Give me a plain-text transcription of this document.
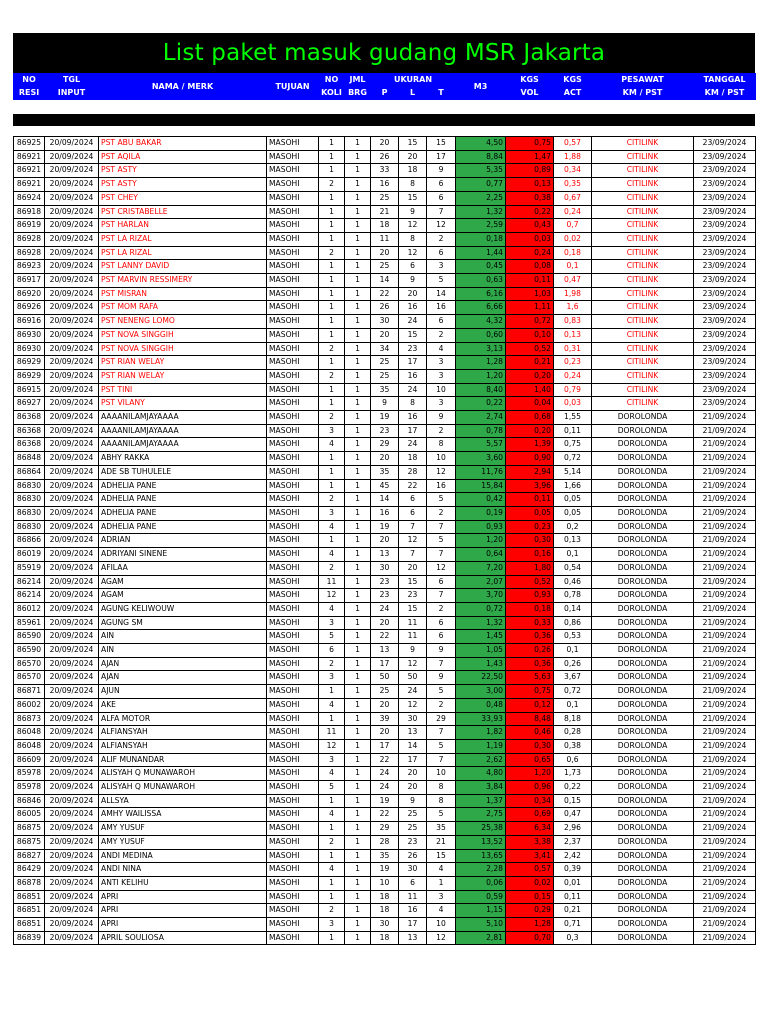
List paket masuk gudang MSR Jakarta
NO	TGL	NAMA / MERK	TUJUAN	NO	JML	UKURAN			M3	KGS	KGS	PESAWAT	TANGGAL
RESI	INPUT			KOLI	BRG	P	L	T		VOL	ACT	KM / PST	KM / PST
86925	20/09/2024	PST ABU BAKAR	MASOHI	1	1	20	15	15	4,50	0,75	0,57	CITILINK	23/09/2024
86921	20/09/2024	PST AQILA	MASOHI	1	1	26	20	17	8,84	1,47	1,88	CITILINK	23/09/2024
86921	20/09/2024	PST ASTY	MASOHI	1	1	33	18	9	5,35	0,89	0,34	CITILINK	23/09/2024
86921	20/09/2024	PST ASTY	MASOHI	2	1	16	8	6	0,77	0,13	0,35	CITILINK	23/09/2024
86924	20/09/2024	PST CHEY	MASOHI	1	1	25	15	6	2,25	0,38	0,67	CITILINK	23/09/2024
86918	20/09/2024	PST CRISTABELLE	MASOHI	1	1	21	9	7	1,32	0,22	0,24	CITILINK	23/09/2024
86919	20/09/2024	PST HARLAN	MASOHI	1	1	18	12	12	2,59	0,43	0,7	CITILINK	23/09/2024
86928	20/09/2024	PST LA RIZAL	MASOHI	1	1	11	8	2	0,18	0,03	0,02	CITILINK	23/09/2024
86928	20/09/2024	PST LA RIZAL	MASOHI	2	1	20	12	6	1,44	0,24	0,18	CITILINK	23/09/2024
86923	20/09/2024	PST LANNY DAVID	MASOHI	1	1	25	6	3	0,45	0,08	0,1	CITILINK	23/09/2024
86917	20/09/2024	PST MARVIN RESSIMERY	MASOHI	1	1	14	9	5	0,63	0,11	0,47	CITILINK	23/09/2024
86920	20/09/2024	PST MISRAN	MASOHI	1	1	22	20	14	6,16	1,03	1,98	CITILINK	23/09/2024
86926	20/09/2024	PST MOM RAFA	MASOHI	1	1	26	16	16	6,66	1,11	1,6	CITILINK	23/09/2024
86916	20/09/2024	PST NENENG LOMO	MASOHI	1	1	30	24	6	4,32	0,72	0,83	CITILINK	23/09/2024
86930	20/09/2024	PST NOVA SINGGIH	MASOHI	1	1	20	15	2	0,60	0,10	0,13	CITILINK	23/09/2024
86930	20/09/2024	PST NOVA SINGGIH	MASOHI	2	1	34	23	4	3,13	0,52	0,31	CITILINK	23/09/2024
86929	20/09/2024	PST RIAN WELAY	MASOHI	1	1	25	17	3	1,28	0,21	0,23	CITILINK	23/09/2024
86929	20/09/2024	PST RIAN WELAY	MASOHI	2	1	25	16	3	1,20	0,20	0,24	CITILINK	23/09/2024
86915	20/09/2024	PST TINI	MASOHI	1	1	35	24	10	8,40	1,40	0,79	CITILINK	23/09/2024
86927	20/09/2024	PST VILANY	MASOHI	1	1	9	8	3	0,22	0,04	0,03	CITILINK	23/09/2024
86368	20/09/2024	AAAANILAMJAYAAAA	MASOHI	2	1	19	16	9	2,74	0,68	1,55	DOROLONDA	21/09/2024
86368	20/09/2024	AAAANILAMJAYAAAA	MASOHI	3	1	23	17	2	0,78	0,20	0,11	DOROLONDA	21/09/2024
86368	20/09/2024	AAAANILAMJAYAAAA	MASOHI	4	1	29	24	8	5,57	1,39	0,75	DOROLONDA	21/09/2024
86848	20/09/2024	ABHY RAKKA	MASOHI	1	1	20	18	10	3,60	0,90	0,72	DOROLONDA	21/09/2024
86864	20/09/2024	ADE SB TUHULELE	MASOHI	1	1	35	28	12	11,76	2,94	5,14	DOROLONDA	21/09/2024
86830	20/09/2024	ADHELIA PANE	MASOHI	1	1	45	22	16	15,84	3,96	1,66	DOROLONDA	21/09/2024
86830	20/09/2024	ADHELIA PANE	MASOHI	2	1	14	6	5	0,42	0,11	0,05	DOROLONDA	21/09/2024
86830	20/09/2024	ADHELIA PANE	MASOHI	3	1	16	6	2	0,19	0,05	0,05	DOROLONDA	21/09/2024
86830	20/09/2024	ADHELIA PANE	MASOHI	4	1	19	7	7	0,93	0,23	0,2	DOROLONDA	21/09/2024
86866	20/09/2024	ADRIAN	MASOHI	1	1	20	12	5	1,20	0,30	0,13	DOROLONDA	21/09/2024
86019	20/09/2024	ADRIYANI SINENE	MASOHI	4	1	13	7	7	0,64	0,16	0,1	DOROLONDA	21/09/2024
85919	20/09/2024	AFILAA	MASOHI	2	1	30	20	12	7,20	1,80	0,54	DOROLONDA	21/09/2024
86214	20/09/2024	AGAM	MASOHI	11	1	23	15	6	2,07	0,52	0,46	DOROLONDA	21/09/2024
86214	20/09/2024	AGAM	MASOHI	12	1	23	23	7	3,70	0,93	0,78	DOROLONDA	21/09/2024
86012	20/09/2024	AGUNG KELIWOUW	MASOHI	4	1	24	15	2	0,72	0,18	0,14	DOROLONDA	21/09/2024
85961	20/09/2024	AGUNG SM	MASOHI	3	1	20	11	6	1,32	0,33	0,86	DOROLONDA	21/09/2024
86590	20/09/2024	AIN	MASOHI	5	1	22	11	6	1,45	0,36	0,53	DOROLONDA	21/09/2024
86590	20/09/2024	AIN	MASOHI	6	1	13	9	9	1,05	0,26	0,1	DOROLONDA	21/09/2024
86570	20/09/2024	AJAN	MASOHI	2	1	17	12	7	1,43	0,36	0,26	DOROLONDA	21/09/2024
86570	20/09/2024	AJAN	MASOHI	3	1	50	50	9	22,50	5,63	3,67	DOROLONDA	21/09/2024
86871	20/09/2024	AJUN	MASOHI	1	1	25	24	5	3,00	0,75	0,72	DOROLONDA	21/09/2024
86002	20/09/2024	AKE	MASOHI	4	1	20	12	2	0,48	0,12	0,1	DOROLONDA	21/09/2024
86873	20/09/2024	ALFA MOTOR	MASOHI	1	1	39	30	29	33,93	8,48	8,18	DOROLONDA	21/09/2024
86048	20/09/2024	ALFIANSYAH	MASOHI	11	1	20	13	7	1,82	0,46	0,28	DOROLONDA	21/09/2024
86048	20/09/2024	ALFIANSYAH	MASOHI	12	1	17	14	5	1,19	0,30	0,38	DOROLONDA	21/09/2024
86609	20/09/2024	ALIF MUNANDAR	MASOHI	3	1	22	17	7	2,62	0,65	0,6	DOROLONDA	21/09/2024
85978	20/09/2024	ALISYAH Q MUNAWAROH	MASOHI	4	1	24	20	10	4,80	1,20	1,73	DOROLONDA	21/09/2024
85978	20/09/2024	ALISYAH Q MUNAWAROH	MASOHI	5	1	24	20	8	3,84	0,96	0,22	DOROLONDA	21/09/2024
86846	20/09/2024	ALLSYA	MASOHI	1	1	19	9	8	1,37	0,34	0,15	DOROLONDA	21/09/2024
86005	20/09/2024	AMHY WAILISSA	MASOHI	4	1	22	25	5	2,75	0,69	0,47	DOROLONDA	21/09/2024
86875	20/09/2024	AMY YUSUF	MASOHI	1	1	29	25	35	25,38	6,34	2,96	DOROLONDA	21/09/2024
86875	20/09/2024	AMY YUSUF	MASOHI	2	1	28	23	21	13,52	3,38	2,37	DOROLONDA	21/09/2024
86827	20/09/2024	ANDI MEDINA	MASOHI	1	1	35	26	15	13,65	3,41	2,42	DOROLONDA	21/09/2024
86429	20/09/2024	ANDI NINA	MASOHI	4	1	19	30	4	2,28	0,57	0,39	DOROLONDA	21/09/2024
86878	20/09/2024	ANTI KELIHU	MASOHI	1	1	10	6	1	0,06	0,02	0,01	DOROLONDA	21/09/2024
86851	20/09/2024	APRI	MASOHI	1	1	18	11	3	0,59	0,15	0,11	DOROLONDA	21/09/2024
86851	20/09/2024	APRI	MASOHI	2	1	18	16	4	1,15	0,29	0,21	DOROLONDA	21/09/2024
86851	20/09/2024	APRI	MASOHI	3	1	30	17	10	5,10	1,28	0,71	DOROLONDA	21/09/2024
86839	20/09/2024	APRIL SOULIOSA	MASOHI	1	1	18	13	12	2,81	0,70	0,3	DOROLONDA	21/09/2024
